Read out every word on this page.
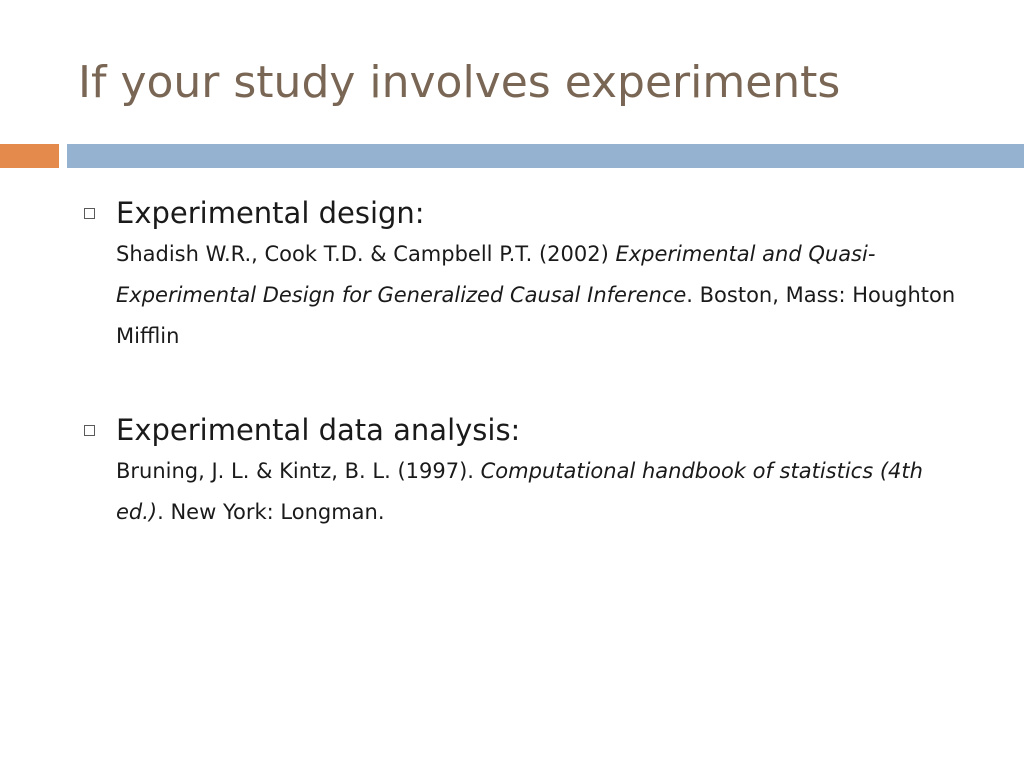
If your study involves experiments
Experimental design:
Shadish W.R., Cook T.D. & Campbell P.T. (2002) Experimental and Quasi-Experimental Design for Generalized Causal Inference. Boston, Mass: Houghton Mifflin
Experimental data analysis:
Bruning, J. L. & Kintz, B. L. (1997). Computational handbook of statistics (4th ed.). New York: Longman.
